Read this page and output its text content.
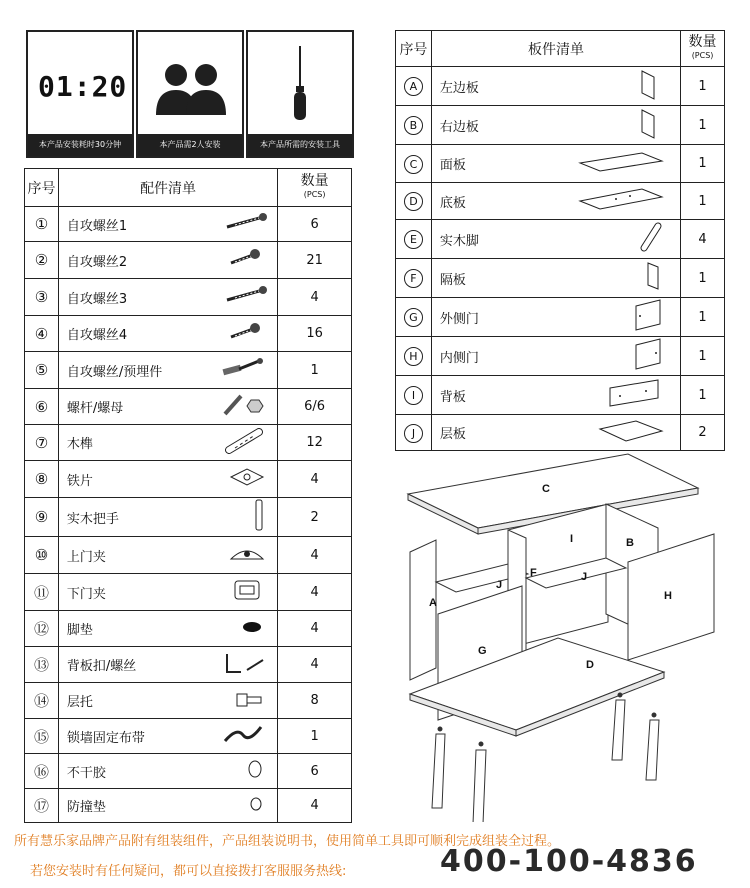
01:20
本产品安装耗时30分钟	本产品需2人安装	本产品所需的安装工具
序号	配件清单	数量
(PCS)

①	自攻螺丝1	6
②	自攻螺丝2	21
③	自攻螺丝3	4
④	自攻螺丝4	16
⑤	自攻螺丝/预埋件	1
⑥	螺杆/螺母	6/6
⑦	木榫	12
⑧	铁片	4
⑨	实木把手	2
⑩	上门夹	4
⑪	下门夹	4
⑫	脚垫	4
⑬	背板扣/螺丝	4
⑭	层托	8
⑮	锁墙固定布带	1
⑯	不干胶	6
⑰	防撞垫	4
序号	板件清单	数量
(PCS)

A	左边板	1
B	右边板	1
C	面板	1
D	底板	1
E	实木脚	4
F	隔板	1
G	外侧门	1
H	内侧门	1
I	背板	1
J	层板	2
C
I	B
J
F	J
A
H
G
D
所有慧乐家品牌产品附有组装组件，产品组装说明书，使用简单工具即可顺利完成组装全过程。
若您安装时有任何疑问，都可以直接拨打客服服务热线:	400-100-4836
